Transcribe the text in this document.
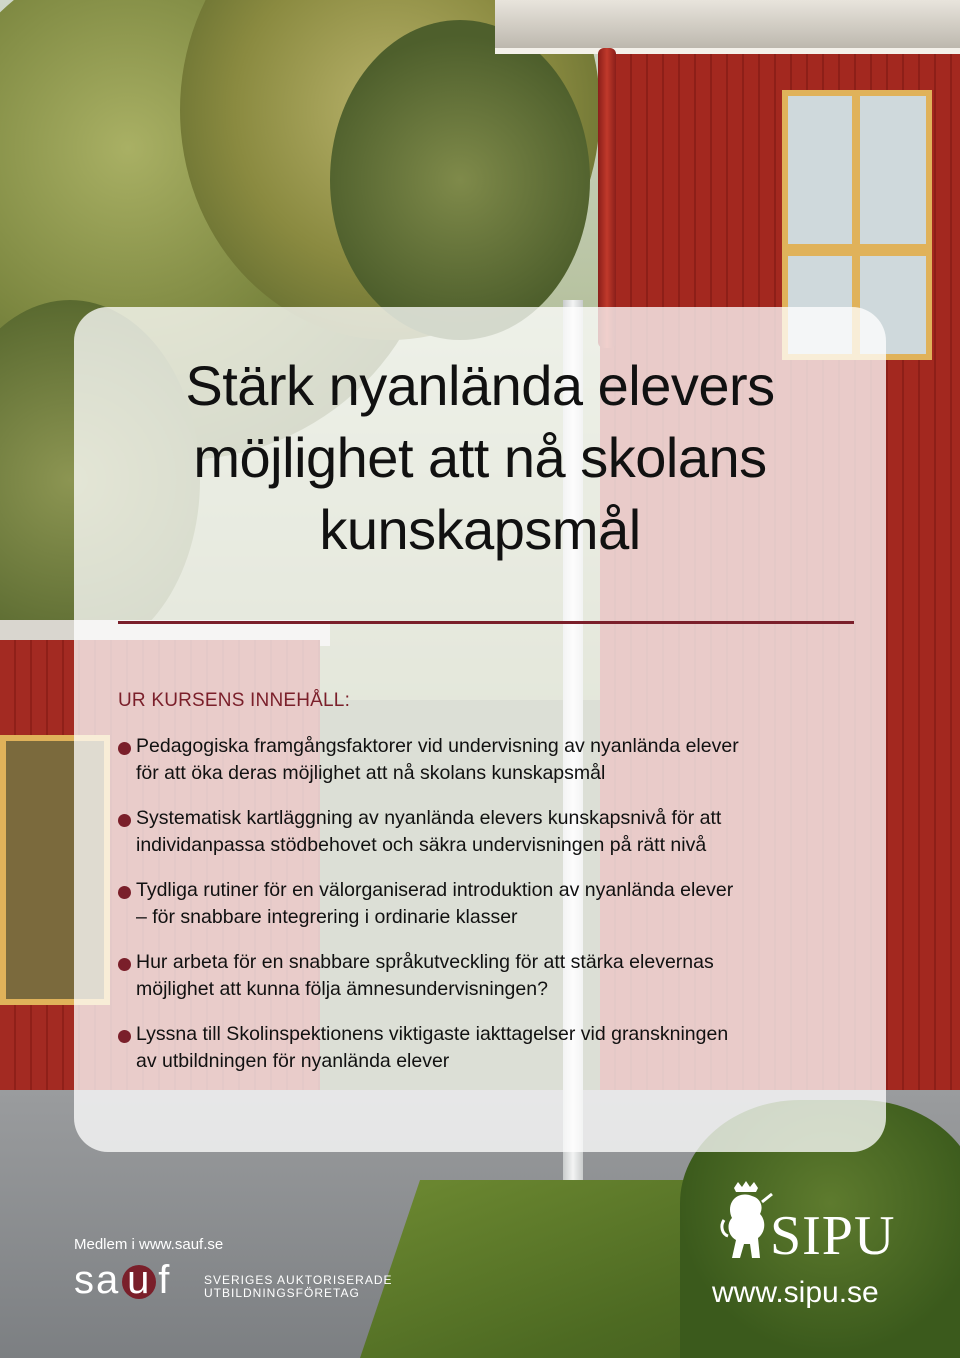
Stärk nyanlända elevers
möjlighet att nå skolans
kunskapsmål
UR KURSENS INNEHÅLL:
Pedagogiska framgångsfaktorer vid undervisning av nyanlända elever
för att öka deras möjlighet att nå skolans kunskapsmål
Systematisk kartläggning av nyanlända elevers kunskapsnivå för att
individanpassa stödbehovet och säkra undervisningen på rätt nivå
Tydliga rutiner för en välorganiserad introduktion av nyanlända elever
– för snabbare integrering i ordinarie klasser
Hur arbeta för en snabbare språkutveckling för att stärka elevernas
möjlighet att kunna följa ämnesundervisningen?
Lyssna till Skolinspektionens viktigaste iakttagelser vid granskningen
av utbildningen för nyanlända elever
Medlem i www.sauf.se
sa u f	SVERIGES AUKTORISERADE
UTBILDNINGSFÖRETAG
SIPU
www.sipu.se
